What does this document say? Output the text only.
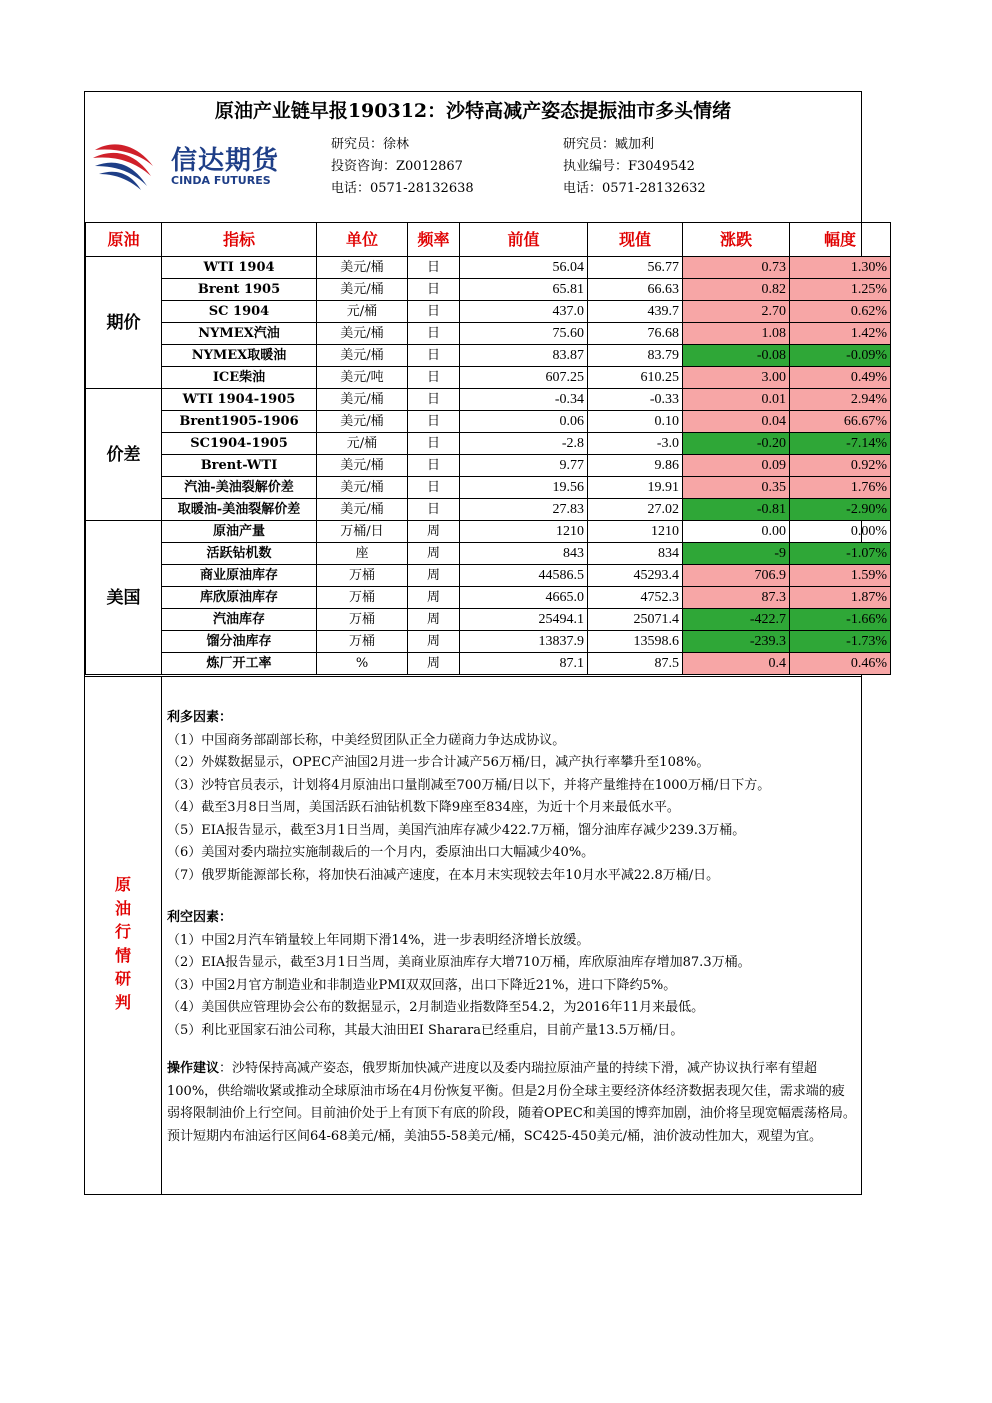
原油产业链早报190312：沙特高减产姿态提振油市多头情绪
信达期货
CINDA FUTURES
研究员：徐林
投资咨询：Z0012867
电话：0571-28132638
研究员：臧加利
执业编号：F3049542
电话：0571-28132632
原油	指标	单位	频率	前值	现值	涨跌	幅度
期价	WTI 1904	美元/桶	日	56.04	56.77	0.73	1.30%
	Brent 1905	美元/桶	日	65.81	66.63	0.82	1.25%
	SC 1904	元/桶	日	437.0	439.7	2.70	0.62%
	NYMEX汽油	美元/桶	日	75.60	76.68	1.08	1.42%
	NYMEX取暖油	美元/桶	日	83.87	83.79	-0.08	-0.09%
	ICE柴油	美元/吨	日	607.25	610.25	3.00	0.49%
价差	WTI 1904-1905	美元/桶	日	-0.34	-0.33	0.01	2.94%
	Brent1905-1906	美元/桶	日	0.06	0.10	0.04	66.67%
	SC1904-1905	元/桶	日	-2.8	-3.0	-0.20	-7.14%
	Brent-WTI	美元/桶	日	9.77	9.86	0.09	0.92%
	汽油-美油裂解价差	美元/桶	日	19.56	19.91	0.35	1.76%
	取暖油-美油裂解价差	美元/桶	日	27.83	27.02	-0.81	-2.90%
美国	原油产量	万桶/日	周	1210	1210	0.00	0.00%
	活跃钻机数	座	周	843	834	-9	-1.07%
	商业原油库存	万桶	周	44586.5	45293.4	706.9	1.59%
	库欣原油库存	万桶	周	4665.0	4752.3	87.3	1.87%
	汽油库存	万桶	周	25494.1	25071.4	-422.7	-1.66%
	馏分油库存	万桶	周	13837.9	13598.6	-239.3	-1.73%
	炼厂开工率	%	周	87.1	87.5	0.4	0.46%
原油行情研判

利多因素：

（1）中国商务部副部长称，中美经贸团队正全力磋商力争达成协议。

（2）外媒数据显示，OPEC产油国2月进一步合计减产56万桶/日，减产执行率攀升至108%。

（3）沙特官员表示，计划将4月原油出口量削减至700万桶/日以下，并将产量维持在1000万桶/日下方。

（4）截至3月8日当周，美国活跃石油钻机数下降9座至834座，为近十个月来最低水平。

（5）EIA报告显示，截至3月1日当周，美国汽油库存减少422.7万桶，馏分油库存减少239.3万桶。

（6）美国对委内瑞拉实施制裁后的一个月内，委原油出口大幅减少40%。

（7）俄罗斯能源部长称，将加快石油减产速度，在本月末实现较去年10月水平减22.8万桶/日。

利空因素：

（1）中国2月汽车销量较上年同期下滑14%，进一步表明经济增长放缓。

（2）EIA报告显示，截至3月1日当周，美商业原油库存大增710万桶，库欣原油库存增加87.3万桶。

（3）中国2月官方制造业和非制造业PMI双双回落，出口下降近21%，进口下降约5%。

（4）美国供应管理协会公布的数据显示，2月制造业指数降至54.2，为2016年11月来最低。

（5）利比亚国家石油公司称，其最大油田EI Sharara已经重启，目前产量13.5万桶/日。

操作建议：沙特保持高减产姿态，俄罗斯加快减产进度以及委内瑞拉原油产量的持续下滑，减产协议执行率有望超100%，供给端收紧或推动全球原油市场在4月份恢复平衡。但是2月份全球主要经济体经济数据表现欠佳，需求端的疲弱将限制油价上行空间。目前油价处于上有顶下有底的阶段，随着OPEC和美国的博弈加剧，油价将呈现宽幅震荡格局。预计短期内布油运行区间64-68美元/桶，美油55-58美元/桶，SC425-450美元/桶，油价波动性加大，观望为宜。
